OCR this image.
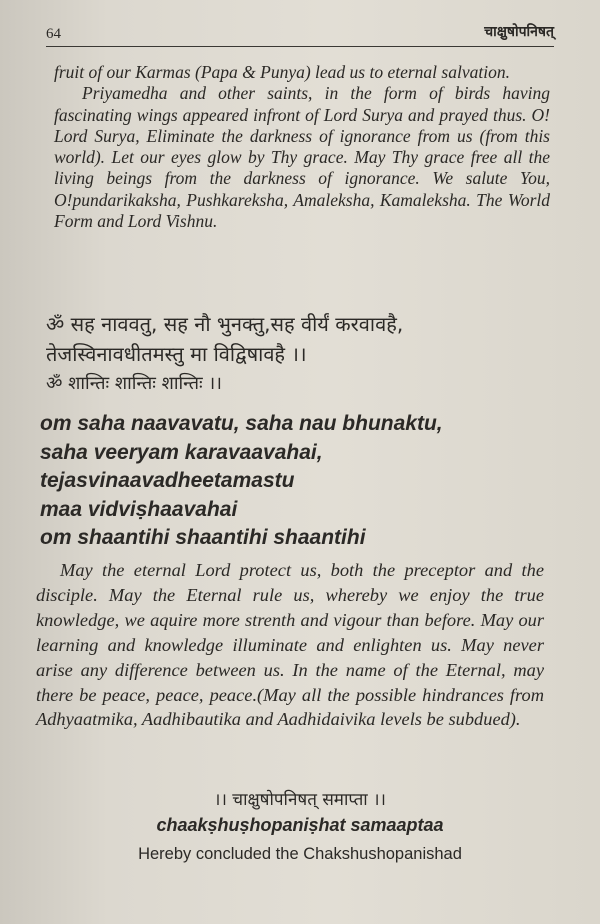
64	चाक्षुषोपनिषत्

fruit of our Karmas (Papa & Punya) lead us to eternal salvation.

Priyamedha and other saints, in the form of birds having fascinating wings appeared infront of Lord Surya and prayed thus. O! Lord Surya, Eliminate the darkness of ignorance from us (from this world). Let our eyes glow by Thy grace. May Thy grace free all the living beings from the darkness of ignorance. We salute You, O!pundarikaksha, Pushkareksha, Amaleksha, Kamaleksha. The World Form and Lord Vishnu.

ॐ सह नाववतु, सह नौ भुनक्तु,सह वीर्यं करवावहै,
तेजस्विनावधीतमस्तु मा विद्विषावहै ।।
ॐ शान्तिः शान्तिः शान्तिः ।।
om saha naavavatu, saha nau bhunaktu,
saha veeryam karavaavahai,
tejasvinaavadheetamastu
maa vidviṣhaavahai
om shaantihi shaantihi shaantihi

May the eternal Lord protect us, both the preceptor and the disciple. May the Eternal rule us, whereby we enjoy the true knowledge, we aquire more strenth and vigour than before. May our learning and knowledge illuminate and enlighten us. May never arise any difference between us. In the name of the Eternal, may there be peace, peace, peace.(May all the possible hindrances from Adhyaatmika, Aadhibautika and Aadhidaivika levels be subdued).

।। चाक्षुषोपनिषत् समाप्ता ।।
chaakṣhuṣhopaniṣhat samaaptaa
Hereby concluded the Chakshushopanishad
